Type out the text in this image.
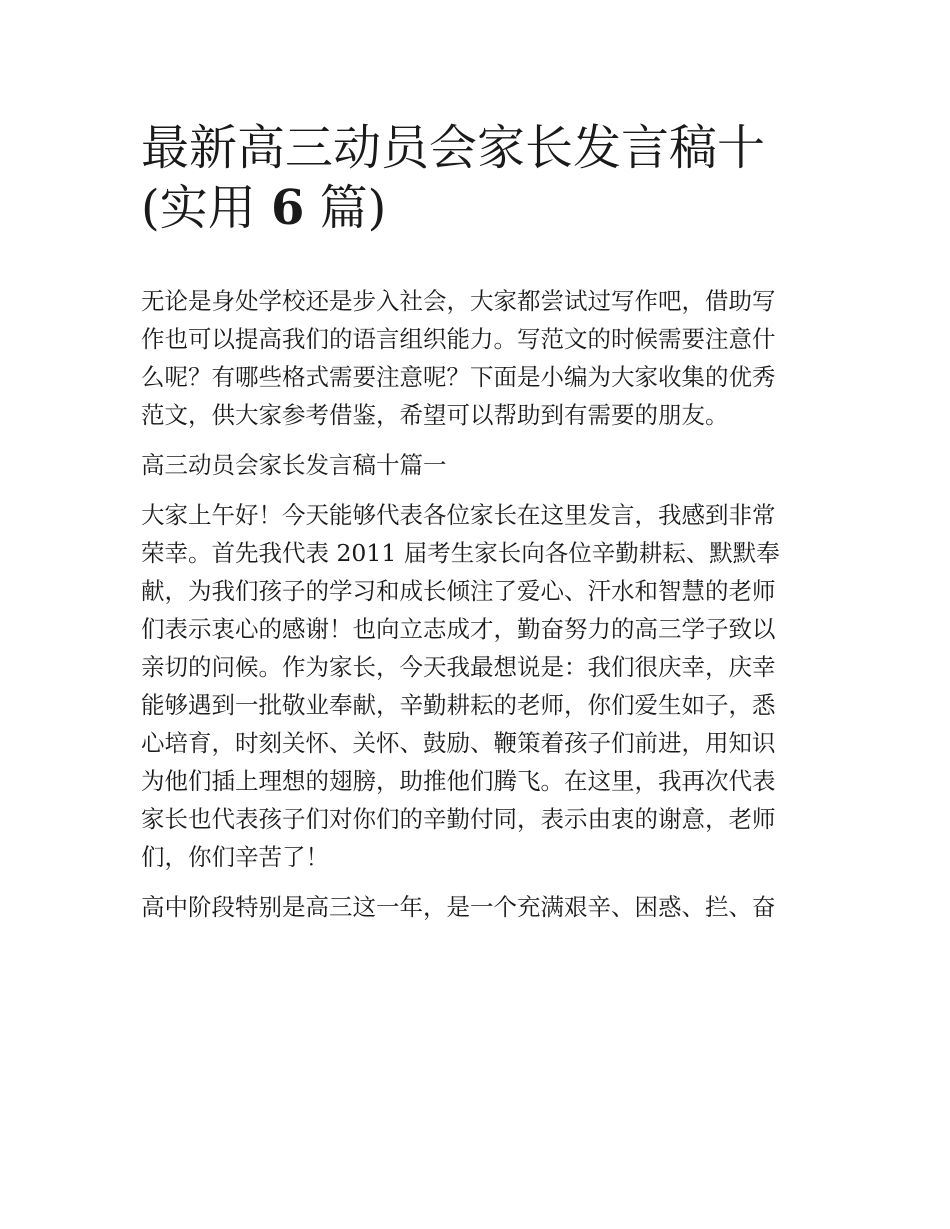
最新高三动员会家长发言稿十
(实用 6 篇)
无论是身处学校还是步入社会，大家都尝试过写作吧，借助写
作也可以提高我们的语言组织能力。写范文的时候需要注意什
么呢？有哪些格式需要注意呢？下面是小编为大家收集的优秀
范文，供大家参考借鉴，希望可以帮助到有需要的朋友。
高三动员会家长发言稿十篇一
大家上午好！今天能够代表各位家长在这里发言，我感到非常
荣幸。首先我代表 2011 届考生家长向各位辛勤耕耘、默默奉
献，为我们孩子的学习和成长倾注了爱心、汗水和智慧的老师
们表示衷心的感谢！也向立志成才，勤奋努力的高三学子致以
亲切的问候。作为家长，今天我最想说是：我们很庆幸，庆幸
能够遇到一批敬业奉献，辛勤耕耘的老师，你们爱生如子，悉
心培育，时刻关怀、关怀、鼓励、鞭策着孩子们前进，用知识
为他们插上理想的翅膀，助推他们腾飞。在这里，我再次代表
家长也代表孩子们对你们的辛勤付同，表示由衷的谢意，老师
们，你们辛苦了！
高中阶段特别是高三这一年，是一个充满艰辛、困惑、拦、奋
